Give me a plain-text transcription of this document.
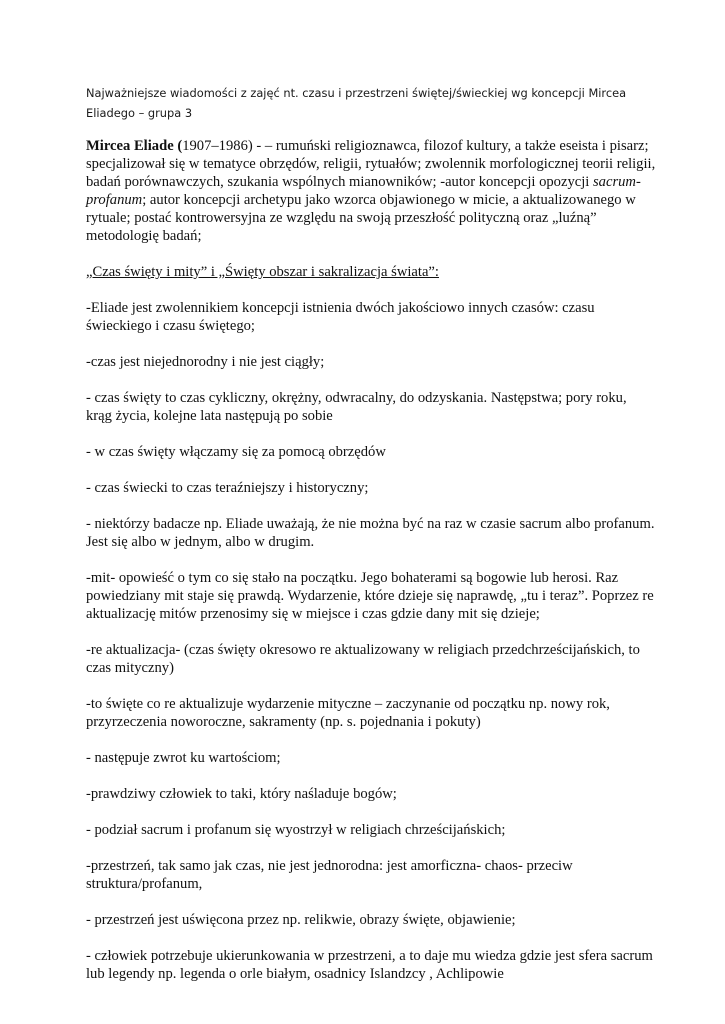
Najważniejsze wiadomości z zajęć nt. czasu i przestrzeni świętej/świeckiej wg koncepcji Mircea
Eliadego – grupa 3

Mircea Eliade (1907–1986) - – rumuński religioznawca, filozof kultury, a także eseista i pisarz; specjalizował się w tematyce obrzędów, religii, rytuałów; zwolennik morfologicznej teorii religii, badań porównawczych, szukania wspólnych mianowników; -autor koncepcji opozycji sacrum-profanum; autor koncepcji archetypu jako wzorca objawionego w micie, a aktualizowanego w rytuale; postać kontrowersyjna ze względu na swoją przeszłość polityczną oraz „luźną” metodologię badań;

„Czas święty i mity” i „Święty obszar i sakralizacja świata”:

-Eliade jest zwolennikiem koncepcji istnienia dwóch jakościowo innych czasów: czasu świeckiego i czasu świętego;

-czas jest niejednorodny i nie jest ciągły;

- czas święty to czas cykliczny, okrężny, odwracalny, do odzyskania. Następstwa; pory roku, krąg życia, kolejne lata następują po sobie

- w czas święty włączamy się za pomocą obrzędów

- czas świecki to czas teraźniejszy i historyczny;

- niektórzy badacze np. Eliade uważają, że nie można być na raz w czasie sacrum albo profanum. Jest się albo w jednym, albo w drugim.

-mit- opowieść o tym co się stało na początku. Jego bohaterami są bogowie lub herosi. Raz powiedziany mit staje się prawdą. Wydarzenie, które dzieje się naprawdę, „tu i teraz”. Poprzez re aktualizację mitów przenosimy się w miejsce i czas gdzie dany mit się dzieje;

-re aktualizacja- (czas święty okresowo re aktualizowany w religiach przedchrześcijańskich, to czas mityczny)

-to święte co re aktualizuje wydarzenie mityczne – zaczynanie od początku np. nowy rok, przyrzeczenia noworoczne, sakramenty (np. s. pojednania i pokuty)

- następuje zwrot ku wartościom;

-prawdziwy człowiek to taki, który naśladuje bogów;

- podział sacrum i profanum się wyostrzył w religiach chrześcijańskich;

-przestrzeń, tak samo jak czas, nie jest jednorodna: jest amorficzna- chaos- przeciw struktura/profanum,

- przestrzeń jest uświęcona przez np. relikwie, obrazy święte, objawienie;

- człowiek potrzebuje ukierunkowania w przestrzeni, a to daje mu wiedza gdzie jest sfera sacrum lub legendy np. legenda o orle białym, osadnicy Islandzcy , Achlipowie
